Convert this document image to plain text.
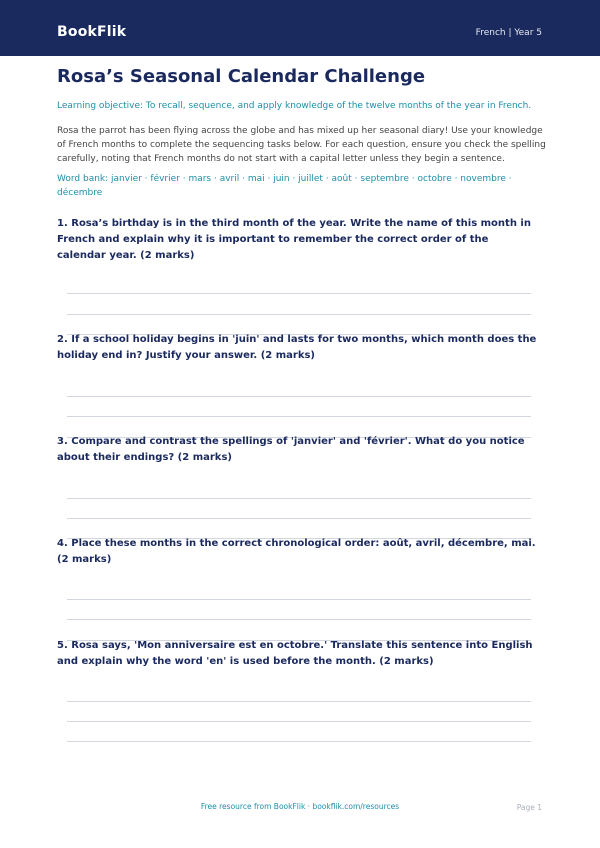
BookFlik	French | Year 5
Rosa’s Seasonal Calendar Challenge
Learning objective: To recall, sequence, and apply knowledge of the twelve months of the year in French.
Rosa the parrot has been flying across the globe and has mixed up her seasonal diary! Use your knowledge of French months to complete the sequencing tasks below. For each question, ensure you check the spelling carefully, noting that French months do not start with a capital letter unless they begin a sentence.
Word bank: janvier · février · mars · avril · mai · juin · juillet · août · septembre · octobre · novembre · décembre
1. Rosa’s birthday is in the third month of the year. Write the name of this month in French and explain why it is important to remember the correct order of the calendar year. (2 marks)
2. If a school holiday begins in 'juin' and lasts for two months, which month does the holiday end in? Justify your answer. (2 marks)
3. Compare and contrast the spellings of 'janvier' and 'février'. What do you notice about their endings? (2 marks)
4. Place these months in the correct chronological order: août, avril, décembre, mai. (2 marks)
5. Rosa says, 'Mon anniversaire est en octobre.' Translate this sentence into English and explain why the word 'en' is used before the month. (2 marks)
Free resource from BookFlik · bookflik.com/resources	Page 1
